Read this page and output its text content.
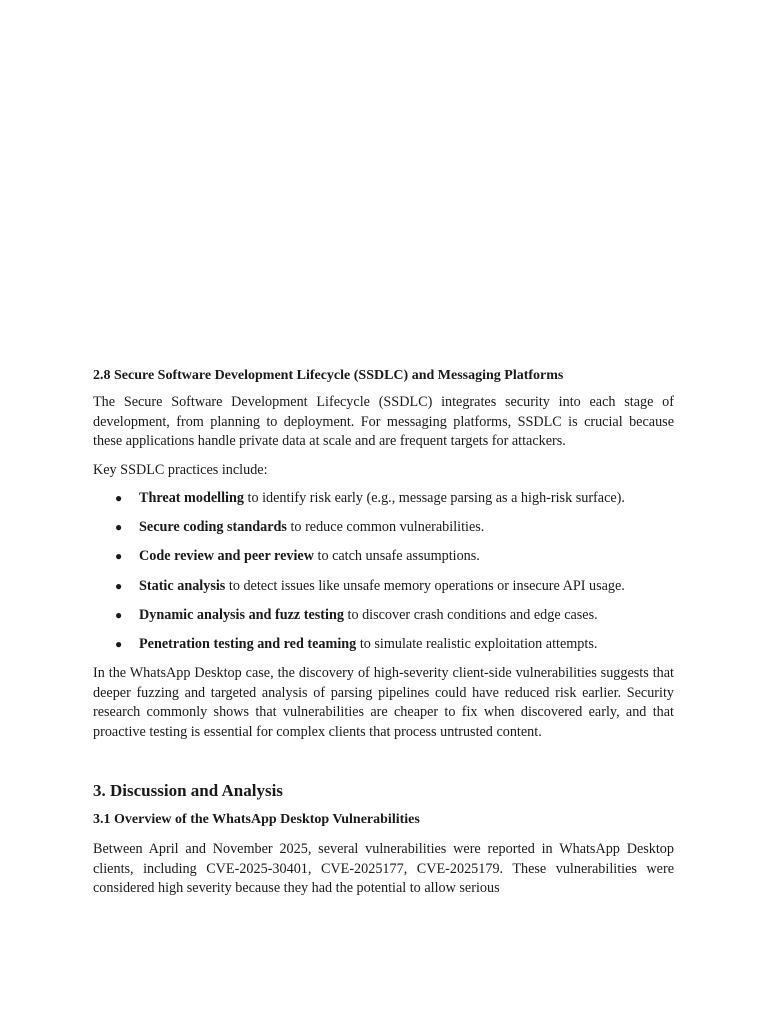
2.8 Secure Software Development Lifecycle (SSDLC) and Messaging Platforms

The Secure Software Development Lifecycle (SSDLC) integrates security into each stage of development, from planning to deployment. For messaging platforms, SSDLC is crucial because these applications handle private data at scale and are frequent targets for attackers.

Key SSDLC practices include:

● Threat modelling to identify risk early (e.g., message parsing as a high-risk surface).
● Secure coding standards to reduce common vulnerabilities.
● Code review and peer review to catch unsafe assumptions.
● Static analysis to detect issues like unsafe memory operations or insecure API usage.
● Dynamic analysis and fuzz testing to discover crash conditions and edge cases.
● Penetration testing and red teaming to simulate realistic exploitation attempts.

In the WhatsApp Desktop case, the discovery of high-severity client-side vulnerabilities suggests that deeper fuzzing and targeted analysis of parsing pipelines could have reduced risk earlier. Security research commonly shows that vulnerabilities are cheaper to fix when discovered early, and that proactive testing is essential for complex clients that process untrusted content.

3. Discussion and Analysis
3.1 Overview of the WhatsApp Desktop Vulnerabilities

Between April and November 2025, several vulnerabilities were reported in WhatsApp Desktop clients, including CVE-2025-30401, CVE-2025177, CVE-2025179. These vulnerabilities were considered high severity because they had the potential to allow serious
